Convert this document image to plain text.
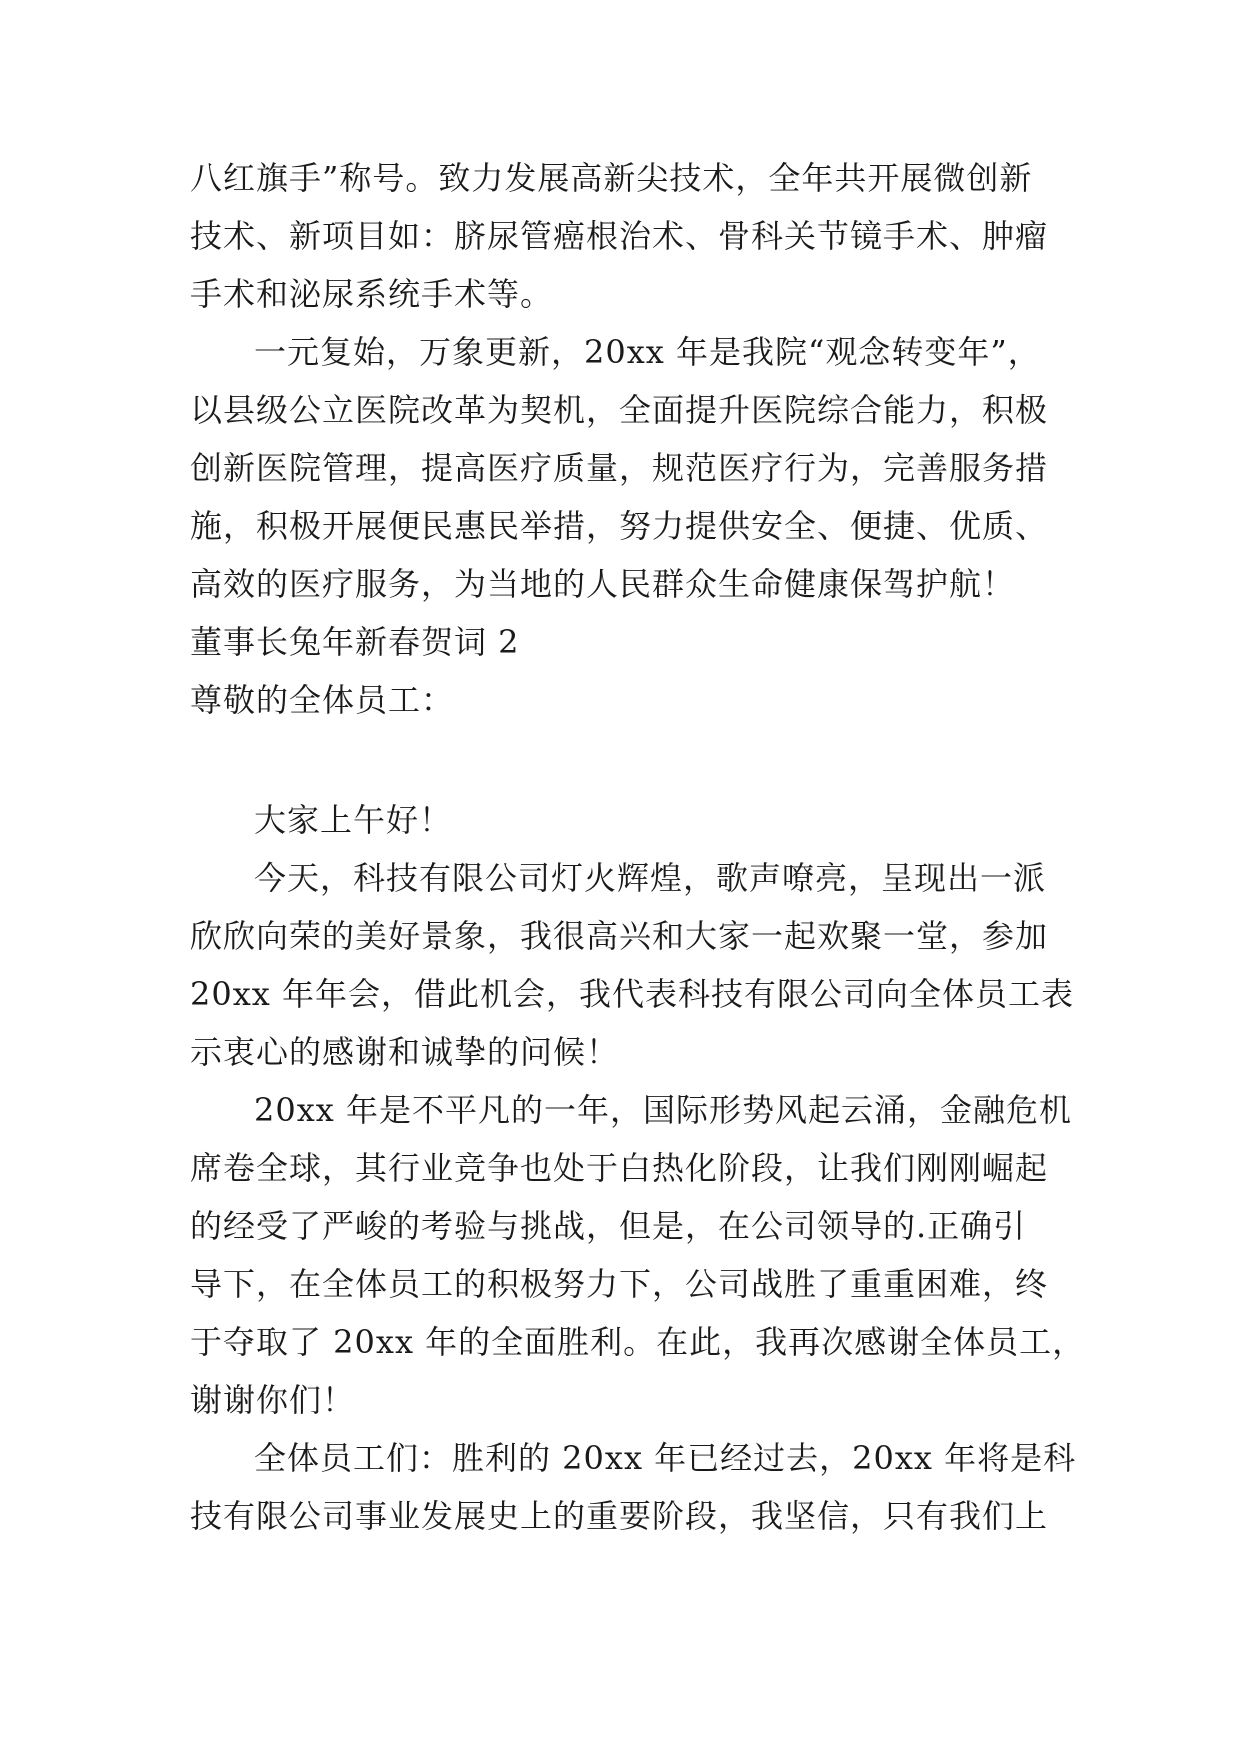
八红旗手”称号。致力发展高新尖技术，全年共开展微创新
技术、新项目如：脐尿管癌根治术、骨科关节镜手术、肿瘤
手术和泌尿系统手术等。
一元复始，万象更新，20xx 年是我院“观念转变年”，
以县级公立医院改革为契机，全面提升医院综合能力，积极
创新医院管理，提高医疗质量，规范医疗行为，完善服务措
施，积极开展便民惠民举措，努力提供安全、便捷、优质、
高效的医疗服务，为当地的人民群众生命健康保驾护航！
董事长兔年新春贺词 2
尊敬的全体员工：
大家上午好！
今天，科技有限公司灯火辉煌，歌声嘹亮，呈现出一派
欣欣向荣的美好景象，我很高兴和大家一起欢聚一堂，参加
20xx 年年会，借此机会，我代表科技有限公司向全体员工表
示衷心的感谢和诚挚的问候！
20xx 年是不平凡的一年，国际形势风起云涌，金融危机
席卷全球，其行业竞争也处于白热化阶段，让我们刚刚崛起
的经受了严峻的考验与挑战，但是，在公司领导的.正确引
导下，在全体员工的积极努力下，公司战胜了重重困难，终
于夺取了 20xx 年的全面胜利。在此，我再次感谢全体员工，
谢谢你们！
全体员工们：胜利的 20xx 年已经过去，20xx 年将是科
技有限公司事业发展史上的重要阶段，我坚信，只有我们上
